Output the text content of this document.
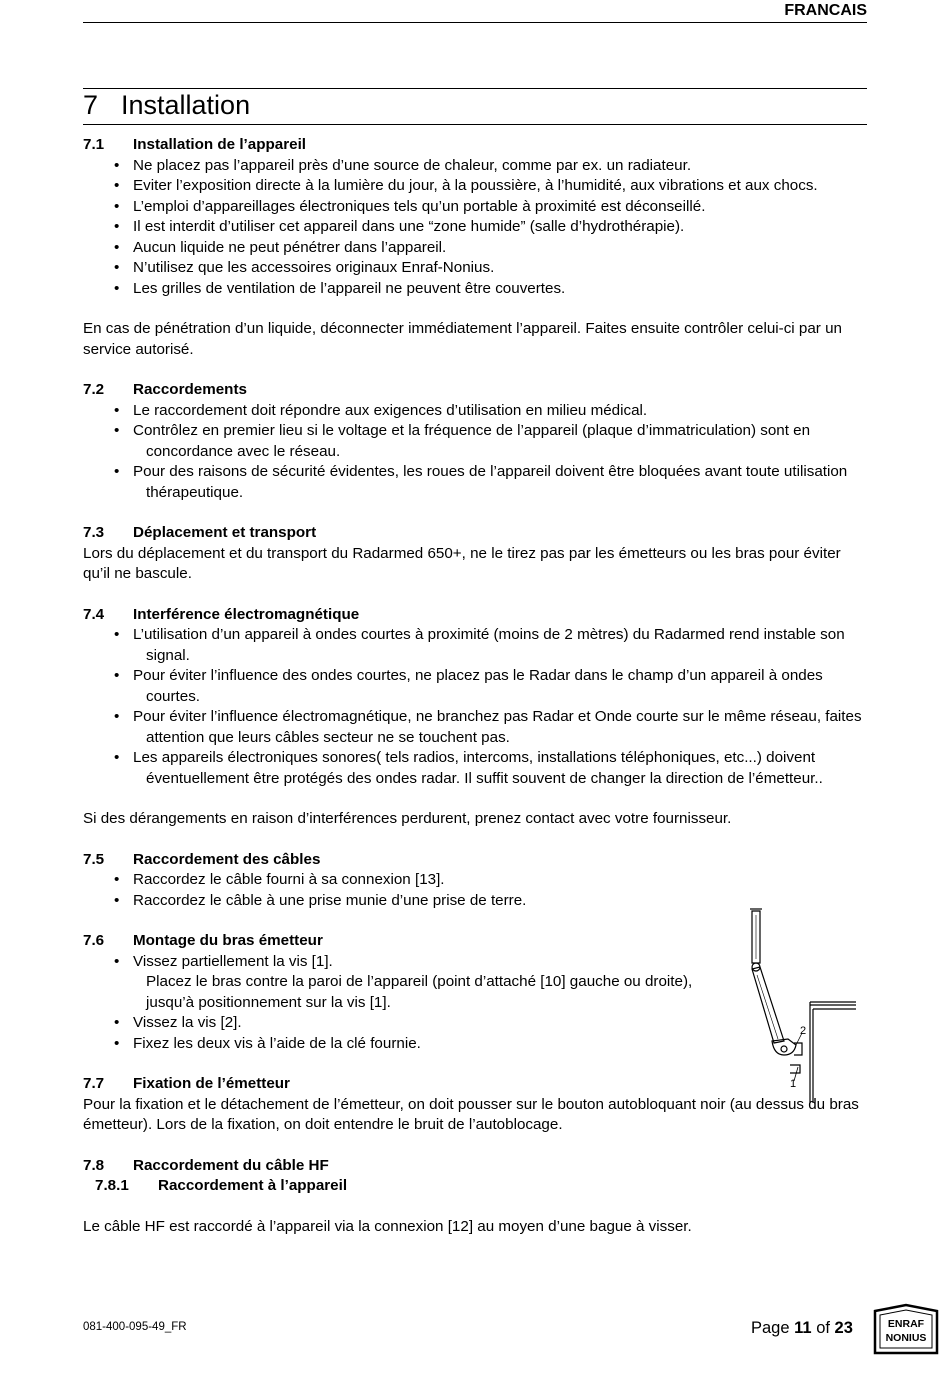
FRANCAIS
7 Installation

7.1 Installation de l’appareil

• Ne placez pas l’appareil près d’une source de chaleur, comme par ex. un radiateur.
• Eviter l’exposition directe à la lumière du jour, à la poussière, à l’humidité, aux vibrations et aux chocs.
• L’emploi d’appareillages électroniques tels qu’un portable à proximité est déconseillé.
• Il est interdit d’utiliser cet appareil dans une “zone humide” (salle d’hydrothérapie).
• Aucun liquide ne peut pénétrer dans l’appareil.
• N’utilisez que les accessoires originaux Enraf-Nonius.
• Les grilles de ventilation de l’appareil ne peuvent être couvertes.

En cas de pénétration d’un liquide, déconnecter immédiatement l’appareil. Faites ensuite contrôler celui-ci par un service autorisé.

7.2 Raccordements

• Le raccordement doit répondre aux exigences d’utilisation en milieu médical.
• Contrôlez en premier lieu si le voltage et la fréquence de l’appareil (plaque d’immatriculation) sont en concordance avec le réseau.
• Pour des raisons de sécurité évidentes, les roues de l’appareil doivent être bloquées avant toute utilisation thérapeutique.

7.3 Déplacement et transport

Lors du déplacement et du transport du Radarmed 650+, ne le tirez pas par les émetteurs ou les bras pour éviter qu’il ne bascule.

7.4 Interférence électromagnétique

• L’utilisation d’un appareil à ondes courtes à proximité (moins de 2 mètres) du Radarmed rend instable son signal.
• Pour éviter l’influence des ondes courtes, ne placez pas le Radar dans le champ d’un appareil à ondes courtes.
• Pour éviter l’influence électromagnétique, ne branchez pas Radar et Onde courte sur le même réseau, faites attention que leurs câbles secteur ne se touchent pas.
• Les appareils électroniques sonores( tels radios, intercoms, installations téléphoniques, etc...) doivent éventuellement être protégés des ondes radar. Il suffit souvent de changer la direction de l’émetteur..

Si des dérangements en raison d’interférences perdurent, prenez contact avec votre fournisseur.

7.5 Raccordement des câbles

• Raccordez le câble fourni à sa connexion [13].
• Raccordez le câble à une prise munie d’une prise de terre.

7.6 Montage du bras émetteur

• Vissez partiellement la vis [1].
Placez le bras contre la paroi de l’appareil (point d’attaché [10] gauche ou droite), jusqu’à positionnement sur la vis [1].
• Vissez la vis [2].
• Fixez les deux vis à l’aide de la clé fournie.

7.7 Fixation de l’émetteur

Pour la fixation et le détachement de l’émetteur, on doit pousser sur le bouton autobloquant noir (au dessus du bras émetteur). Lors de la fixation, on doit entendre le bruit de l’autoblocage.

7.8 Raccordement du câble HF

7.8.1 Raccordement à l’appareil

Le câble HF est raccordé à l’appareil via la connexion [12] au moyen d’une bague à visser.

2
1
081-400-095-49_FR	Page 11 of 23	ENRAF
NONIUS
